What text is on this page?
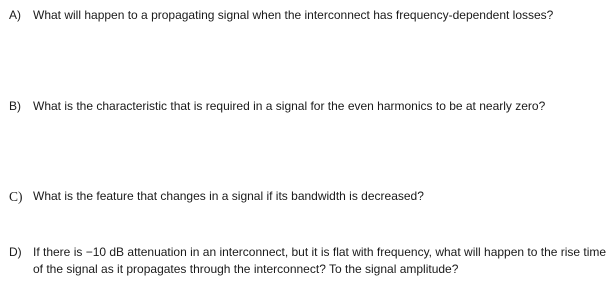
A) What will happen to a propagating signal when the interconnect has frequency-dependent losses?
B) What is the characteristic that is required in a signal for the even harmonics to be at nearly zero?
C) What is the feature that changes in a signal if its bandwidth is decreased?
D) If there is −10 dB attenuation in an interconnect, but it is flat with frequency, what will happen to the rise time of the signal as it propagates through the interconnect? To the signal amplitude?
